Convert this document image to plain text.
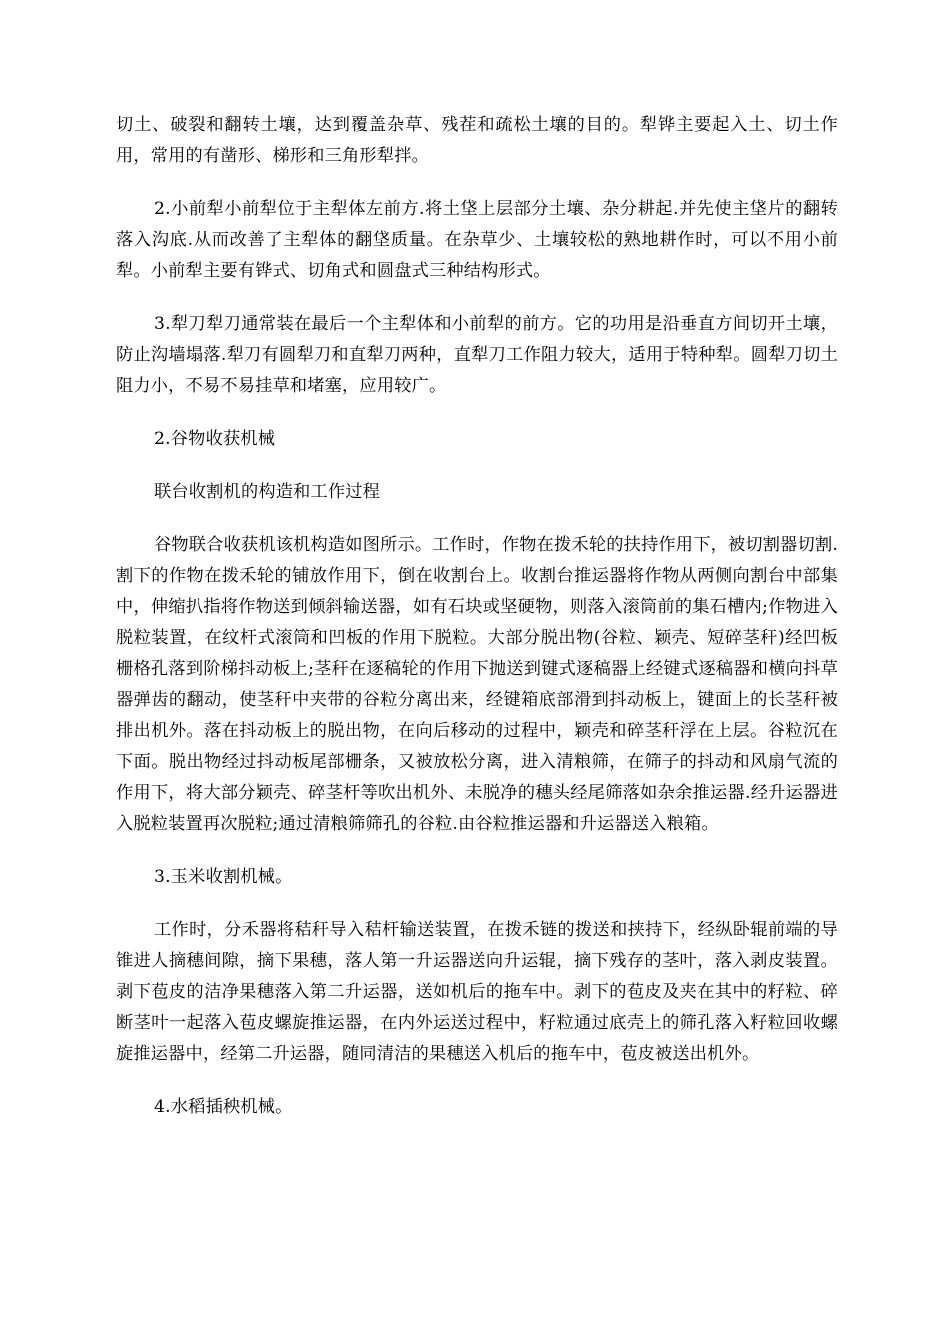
切土、破裂和翻转土壤，达到覆盖杂草、残茬和疏松土壤的目的。犁铧主要起入土、切土作用，常用的有凿形、梯形和三角形犁拌。

2.小前犁小前犁位于主犁体左前方.将土垡上层部分土壤、杂分耕起.并先使主垡片的翻转落入沟底.从而改善了主犁体的翻垡质量。在杂草少、土壤较松的熟地耕作时，可以不用小前犁。小前犁主要有铧式、切角式和圆盘式三种结构形式。

3.犁刀犁刀通常装在最后一个主犁体和小前犁的前方。它的功用是沿垂直方间切开土壤，防止沟墙塌落.犁刀有圆犁刀和直犁刀两种，直犁刀工作阻力较大，适用于特种犁。圆犁刀切土阻力小，不易不易挂草和堵塞，应用较广。

2.谷物收获机械

联台收割机的构造和工作过程

谷物联合收获机该机构造如图所示。工作时，作物在拨禾轮的扶持作用下，被切割器切割.割下的作物在拨禾轮的铺放作用下，倒在收割台上。收割台推运器将作物从两侧向割台中部集中，伸缩扒指将作物送到倾斜输送器，如有石块或坚硬物，则落入滚筒前的集石槽内;作物进入脱粒装置，在纹杆式滚筒和凹板的作用下脱粒。大部分脱出物(谷粒、颖壳、短碎茎秆)经凹板栅格孔落到阶梯抖动板上;茎秆在逐稿轮的作用下抛送到键式逐稿器上经键式逐稿器和横向抖草器弹齿的翻动，使茎秆中夹带的谷粒分离出来，经键箱底部滑到抖动板上，键面上的长茎秆被排出机外。落在抖动板上的脱出物，在向后移动的过程中，颖壳和碎茎秆浮在上层。谷粒沉在下面。脱出物经过抖动板尾部栅条，又被放松分离，进入清粮筛，在筛子的抖动和风扇气流的作用下，将大部分颖壳、碎茎杆等吹出机外、未脱净的穗头经尾筛落如杂余推运器.经升运器进入脱粒装置再次脱粒;通过清粮筛筛孔的谷粒.由谷粒推运器和升运器送入粮箱。

3.玉米收割机械。

工作时，分禾器将秸秆导入秸杆输送装置，在拨禾链的拨送和挟持下，经纵卧辊前端的导锥进人摘穗间隙，摘下果穗，落人第一升运器送向升运辊，摘下残存的茎叶，落入剥皮装置。剥下苞皮的洁净果穗落入第二升运器，送如机后的拖车中。剥下的苞皮及夹在其中的籽粒、碎断茎叶一起落入苞皮螺旋推运器，在内外运送过程中，籽粒通过底壳上的筛孔落入籽粒回收螺旋推运器中，经第二升运器，随同清洁的果穗送入机后的拖车中，苞皮被送出机外。

4.水稻插秧机械。
